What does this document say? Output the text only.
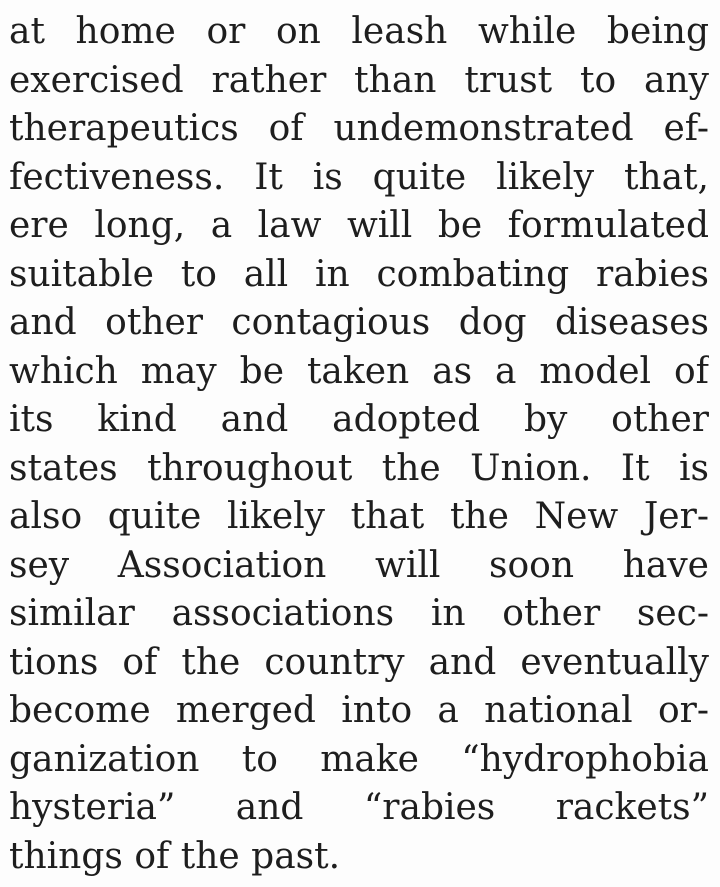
at home or on leash while being
exercised rather than trust to any
therapeutics of undemonstrated ef-
fectiveness. It is quite likely that,
ere long, a law will be formulated
suitable to all in combating rabies
and other contagious dog diseases
which may be taken as a model of
its kind and adopted by other
states throughout the Union. It is
also quite likely that the New Jer-
sey Association will soon have
similar associations in other sec-
tions of the country and eventually
become merged into a national or-
ganization to make “hydrophobia
hysteria” and “rabies rackets”
things of the past.
